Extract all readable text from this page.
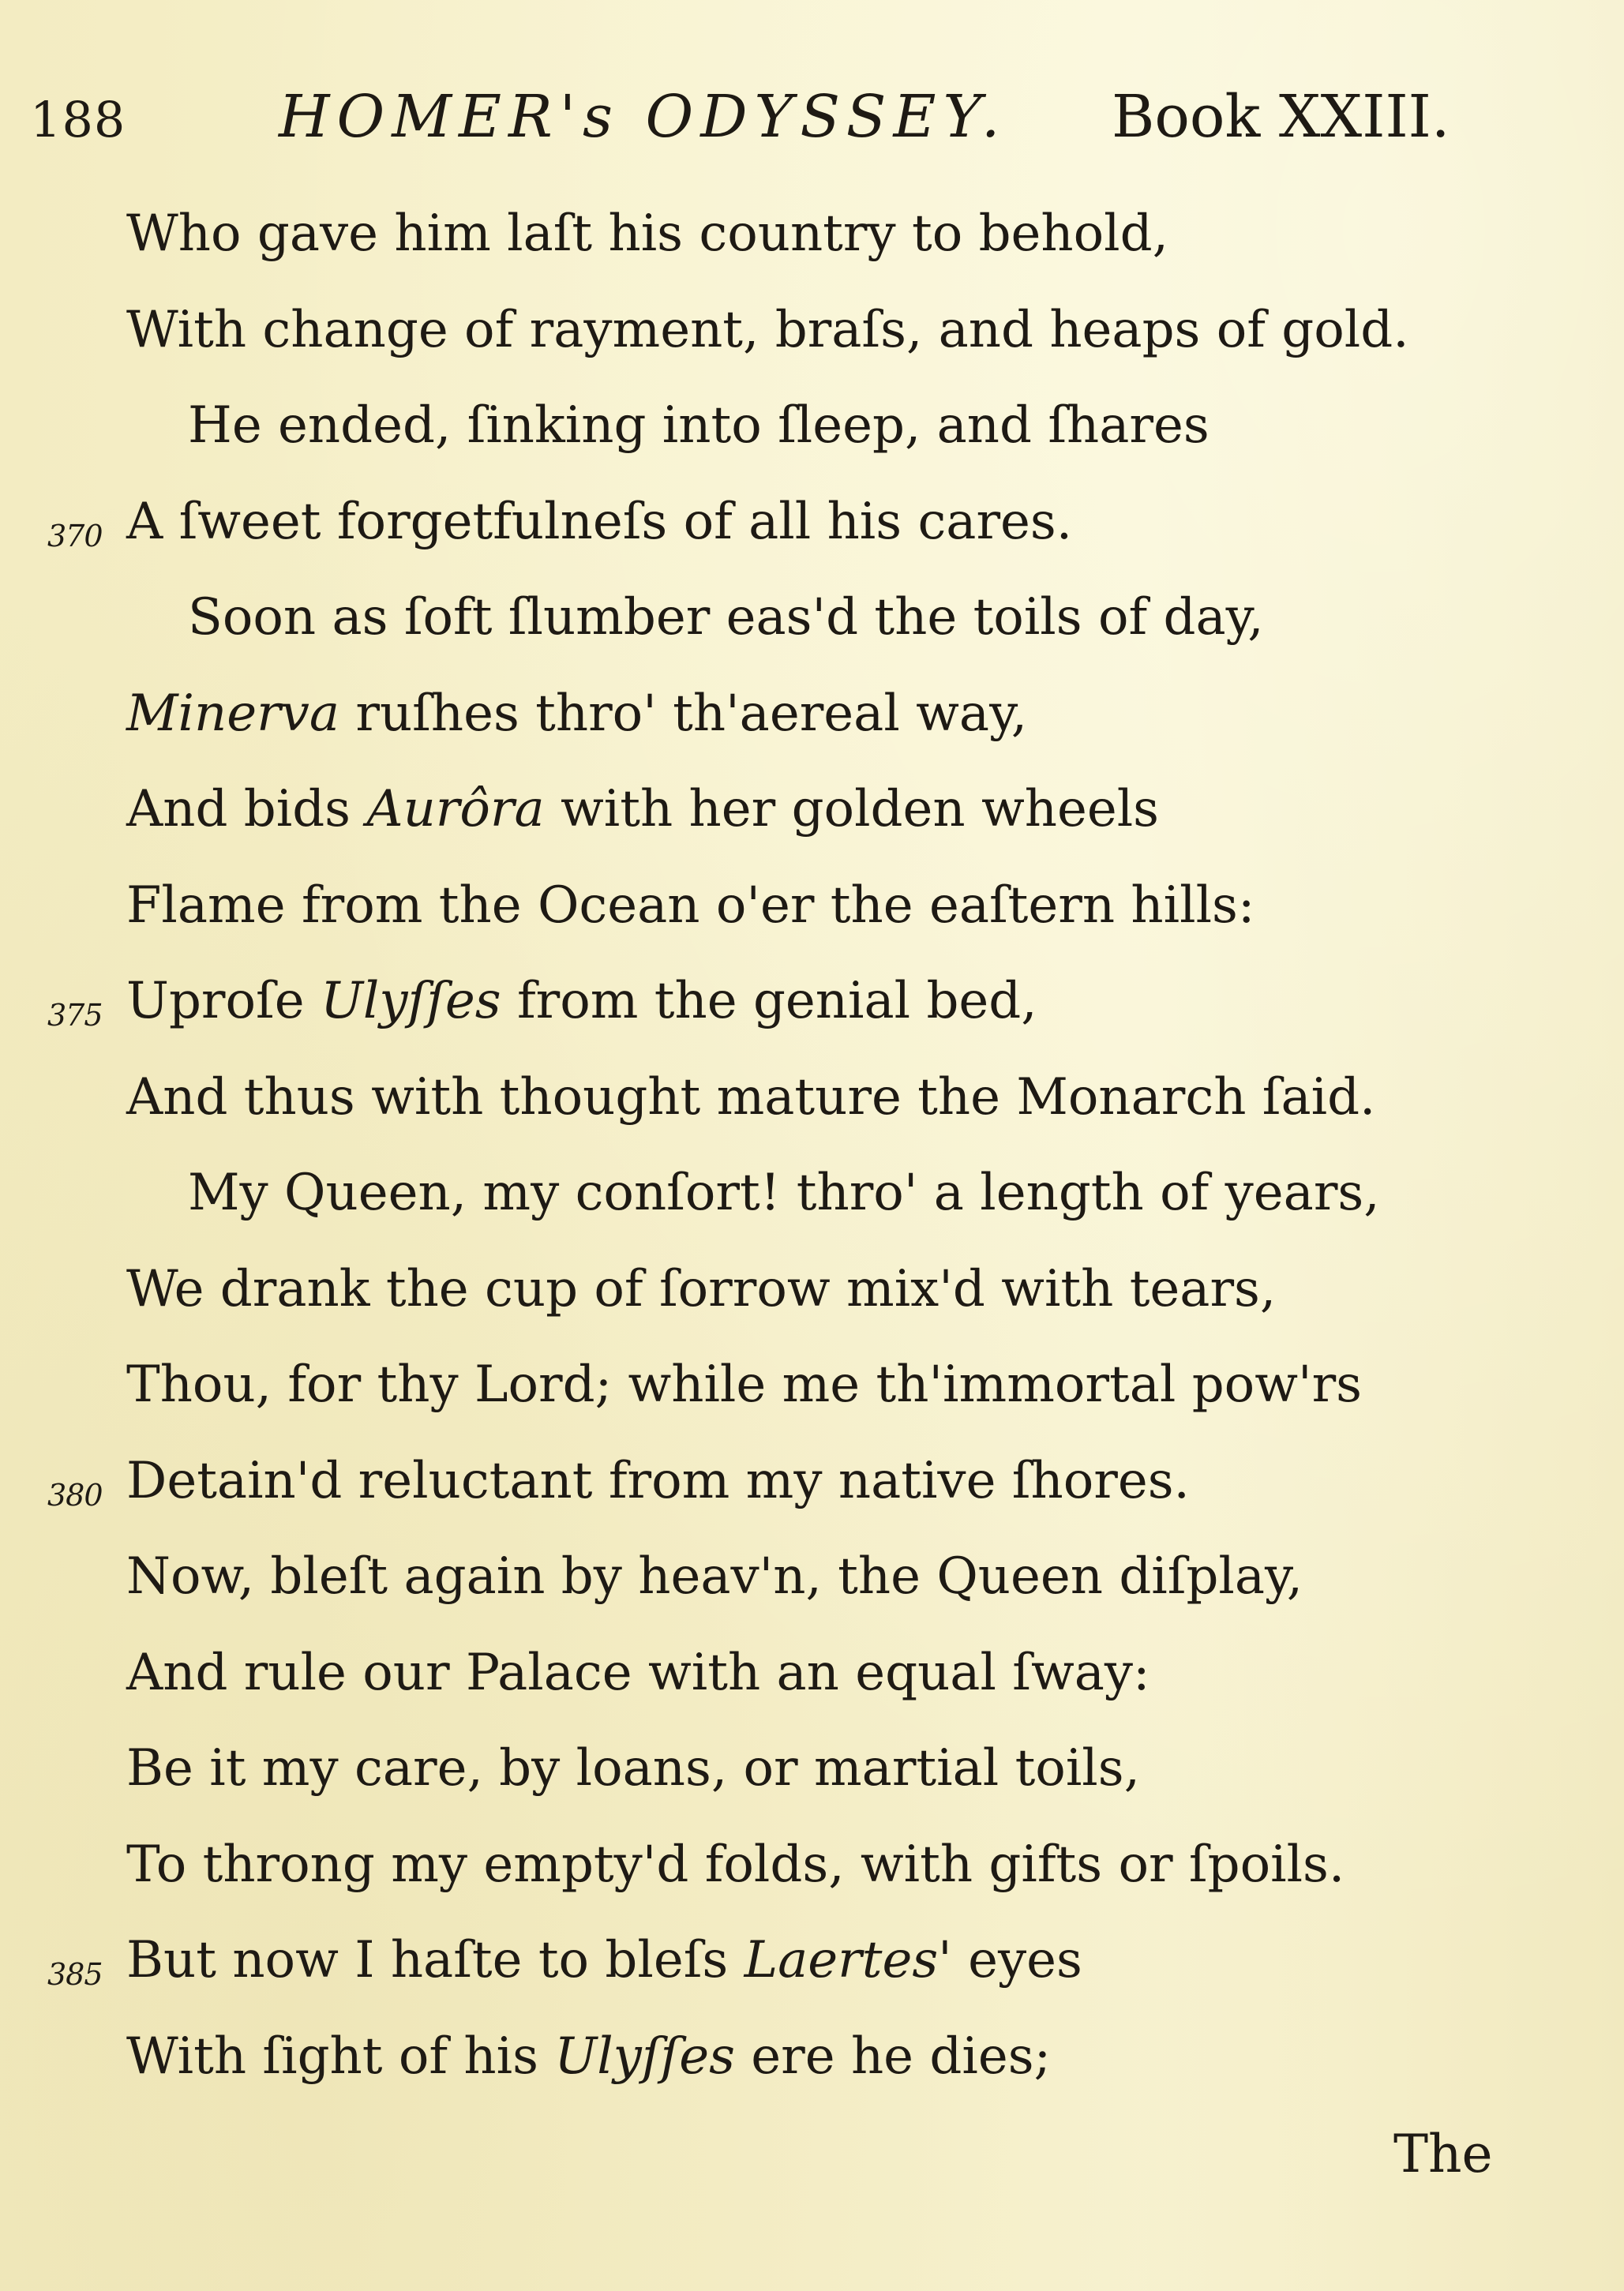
188	HOMER's ODYSSEY. Book XXIII.
Who gave him laſt his country to behold,
With change of rayment, braſs, and heaps of gold.
He ended, ſinking into ſleep, and ſhares
370 A ſweet forgetfulneſs of all his cares.
Soon as ſoft ſlumber eas'd the toils of day,
Minerva ruſhes thro' th'aereal way,
And bids Aurôra with her golden wheels
Flame from the Ocean o'er the eaſtern hills:
375 Uproſe Ulyſſes from the genial bed,
And thus with thought mature the Monarch ſaid.
My Queen, my conſort! thro' a length of years,
We drank the cup of ſorrow mix'd with tears,
Thou, for thy Lord; while me th'immortal pow'rs
380 Detain'd reluctant from my native ſhores.
Now, bleſt again by heav'n, the Queen diſplay,
And rule our Palace with an equal ſway:
Be it my care, by loans, or martial toils,
To throng my empty'd folds, with gifts or ſpoils.
385 But now I haſte to bleſs Laertes' eyes
With ſight of his Ulyſſes ere he dies;
The
